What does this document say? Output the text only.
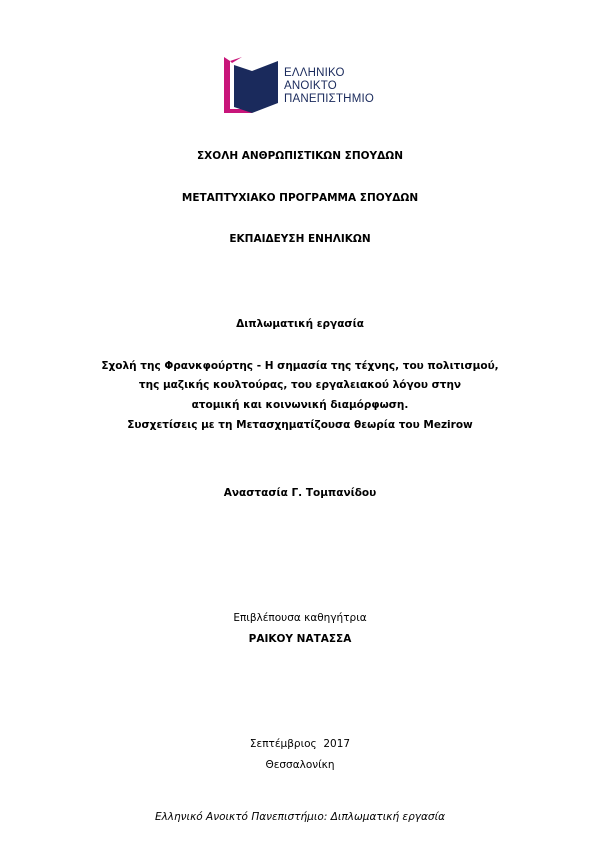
ΕΛΛΗΝΙΚΟ
ΑΝΟΙΚΤΟ
ΠΑΝΕΠΙΣΤΗΜΙΟ
ΣΧΟΛΗ ΑΝΘΡΩΠΙΣΤΙΚΩΝ ΣΠΟΥΔΩΝ
ΜΕΤΑΠΤΥΧΙΑΚΟ ΠΡΟΓΡΑΜΜΑ ΣΠΟΥΔΩΝ
ΕΚΠΑΙΔΕΥΣΗ ΕΝΗΛΙΚΩΝ
Διπλωματική εργασία
Σχολή της Φρανκφούρτης - Η σημασία της τέχνης, του πολιτισμού,
της μαζικής κουλτούρας, του εργαλειακού λόγου στην
ατομική και κοινωνική διαμόρφωση.
Συσχετίσεις με τη Μετασχηματίζουσα θεωρία του Mezirow
Αναστασία Γ. Τομπανίδου
Επιβλέπουσα καθηγήτρια
ΡΑΙΚΟΥ ΝΑΤΑΣΣΑ
Σεπτέμβριος  2017
Θεσσαλονίκη
Ελληνικό Ανοικτό Πανεπιστήμιο: Διπλωματική εργασία
